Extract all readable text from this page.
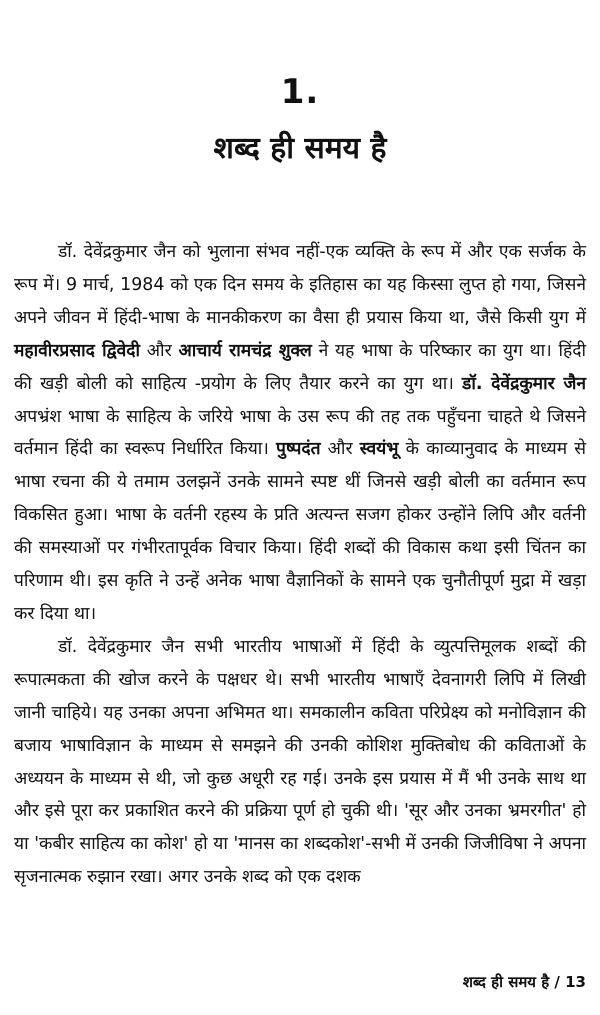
1.
शब्द ही समय है

डॉ. देवेंद्रकुमार जैन को भुलाना संभव नहीं-एक व्यक्ति के रूप में और एक सर्जक के रूप में। 9 मार्च, 1984 को एक दिन समय के इतिहास का यह किस्सा लुप्त हो गया, जिसने अपने जीवन में हिंदी-भाषा के मानकीकरण का वैसा ही प्रयास किया था, जैसे किसी युग में महावीरप्रसाद द्विवेदी और आचार्य रामचंद्र शुक्ल ने यह भाषा के परिष्कार का युग था। हिंदी की खड़ी बोली को साहित्य -प्रयोग के लिए तैयार करने का युग था। डॉ. देवेंद्रकुमार जैन अपभ्रंश भाषा के साहित्य के जरिये भाषा के उस रूप की तह तक पहुँचना चाहते थे जिसने वर्तमान हिंदी का स्वरूप निर्धारित किया। पुष्पदंत और स्वयंभू के काव्यानुवाद के माध्यम से भाषा रचना की ये तमाम उलझनें उनके सामने स्पष्ट थीं जिनसे खड़ी बोली का वर्तमान रूप विकसित हुआ। भाषा के वर्तनी रहस्य के प्रति अत्यन्त सजग होकर उन्होंने लिपि और वर्तनी की समस्याओं पर गंभीरतापूर्वक विचार किया। हिंदी शब्दों की विकास कथा इसी चिंतन का परिणाम थी। इस कृति ने उन्हें अनेक भाषा वैज्ञानिकों के सामने एक चुनौतीपूर्ण मुद्रा में खड़ा कर दिया था।

डॉ. देवेंद्रकुमार जैन सभी भारतीय भाषाओं में हिंदी के व्युत्पत्तिमूलक शब्दों की रूपात्मकता की खोज करने के पक्षधर थे। सभी भारतीय भाषाएँ देवनागरी लिपि में लिखी जानी चाहिये। यह उनका अपना अभिमत था। समकालीन कविता परिप्रेक्ष्य को मनोविज्ञान की बजाय भाषाविज्ञान के माध्यम से समझने की उनकी कोशिश मुक्तिबोध की कविताओं के अध्ययन के माध्यम से थी, जो कुछ अधूरी रह गई। उनके इस प्रयास में मैं भी उनके साथ था और इसे पूरा कर प्रकाशित करने की प्रक्रिया पूर्ण हो चुकी थी। 'सूर और उनका भ्रमरगीत' हो या 'कबीर साहित्य का कोश' हो या 'मानस का शब्दकोश'-सभी में उनकी जिजीविषा ने अपना सृजनात्मक रुझान रखा। अगर उनके शब्द को एक दशक

शब्द ही समय है / 13
